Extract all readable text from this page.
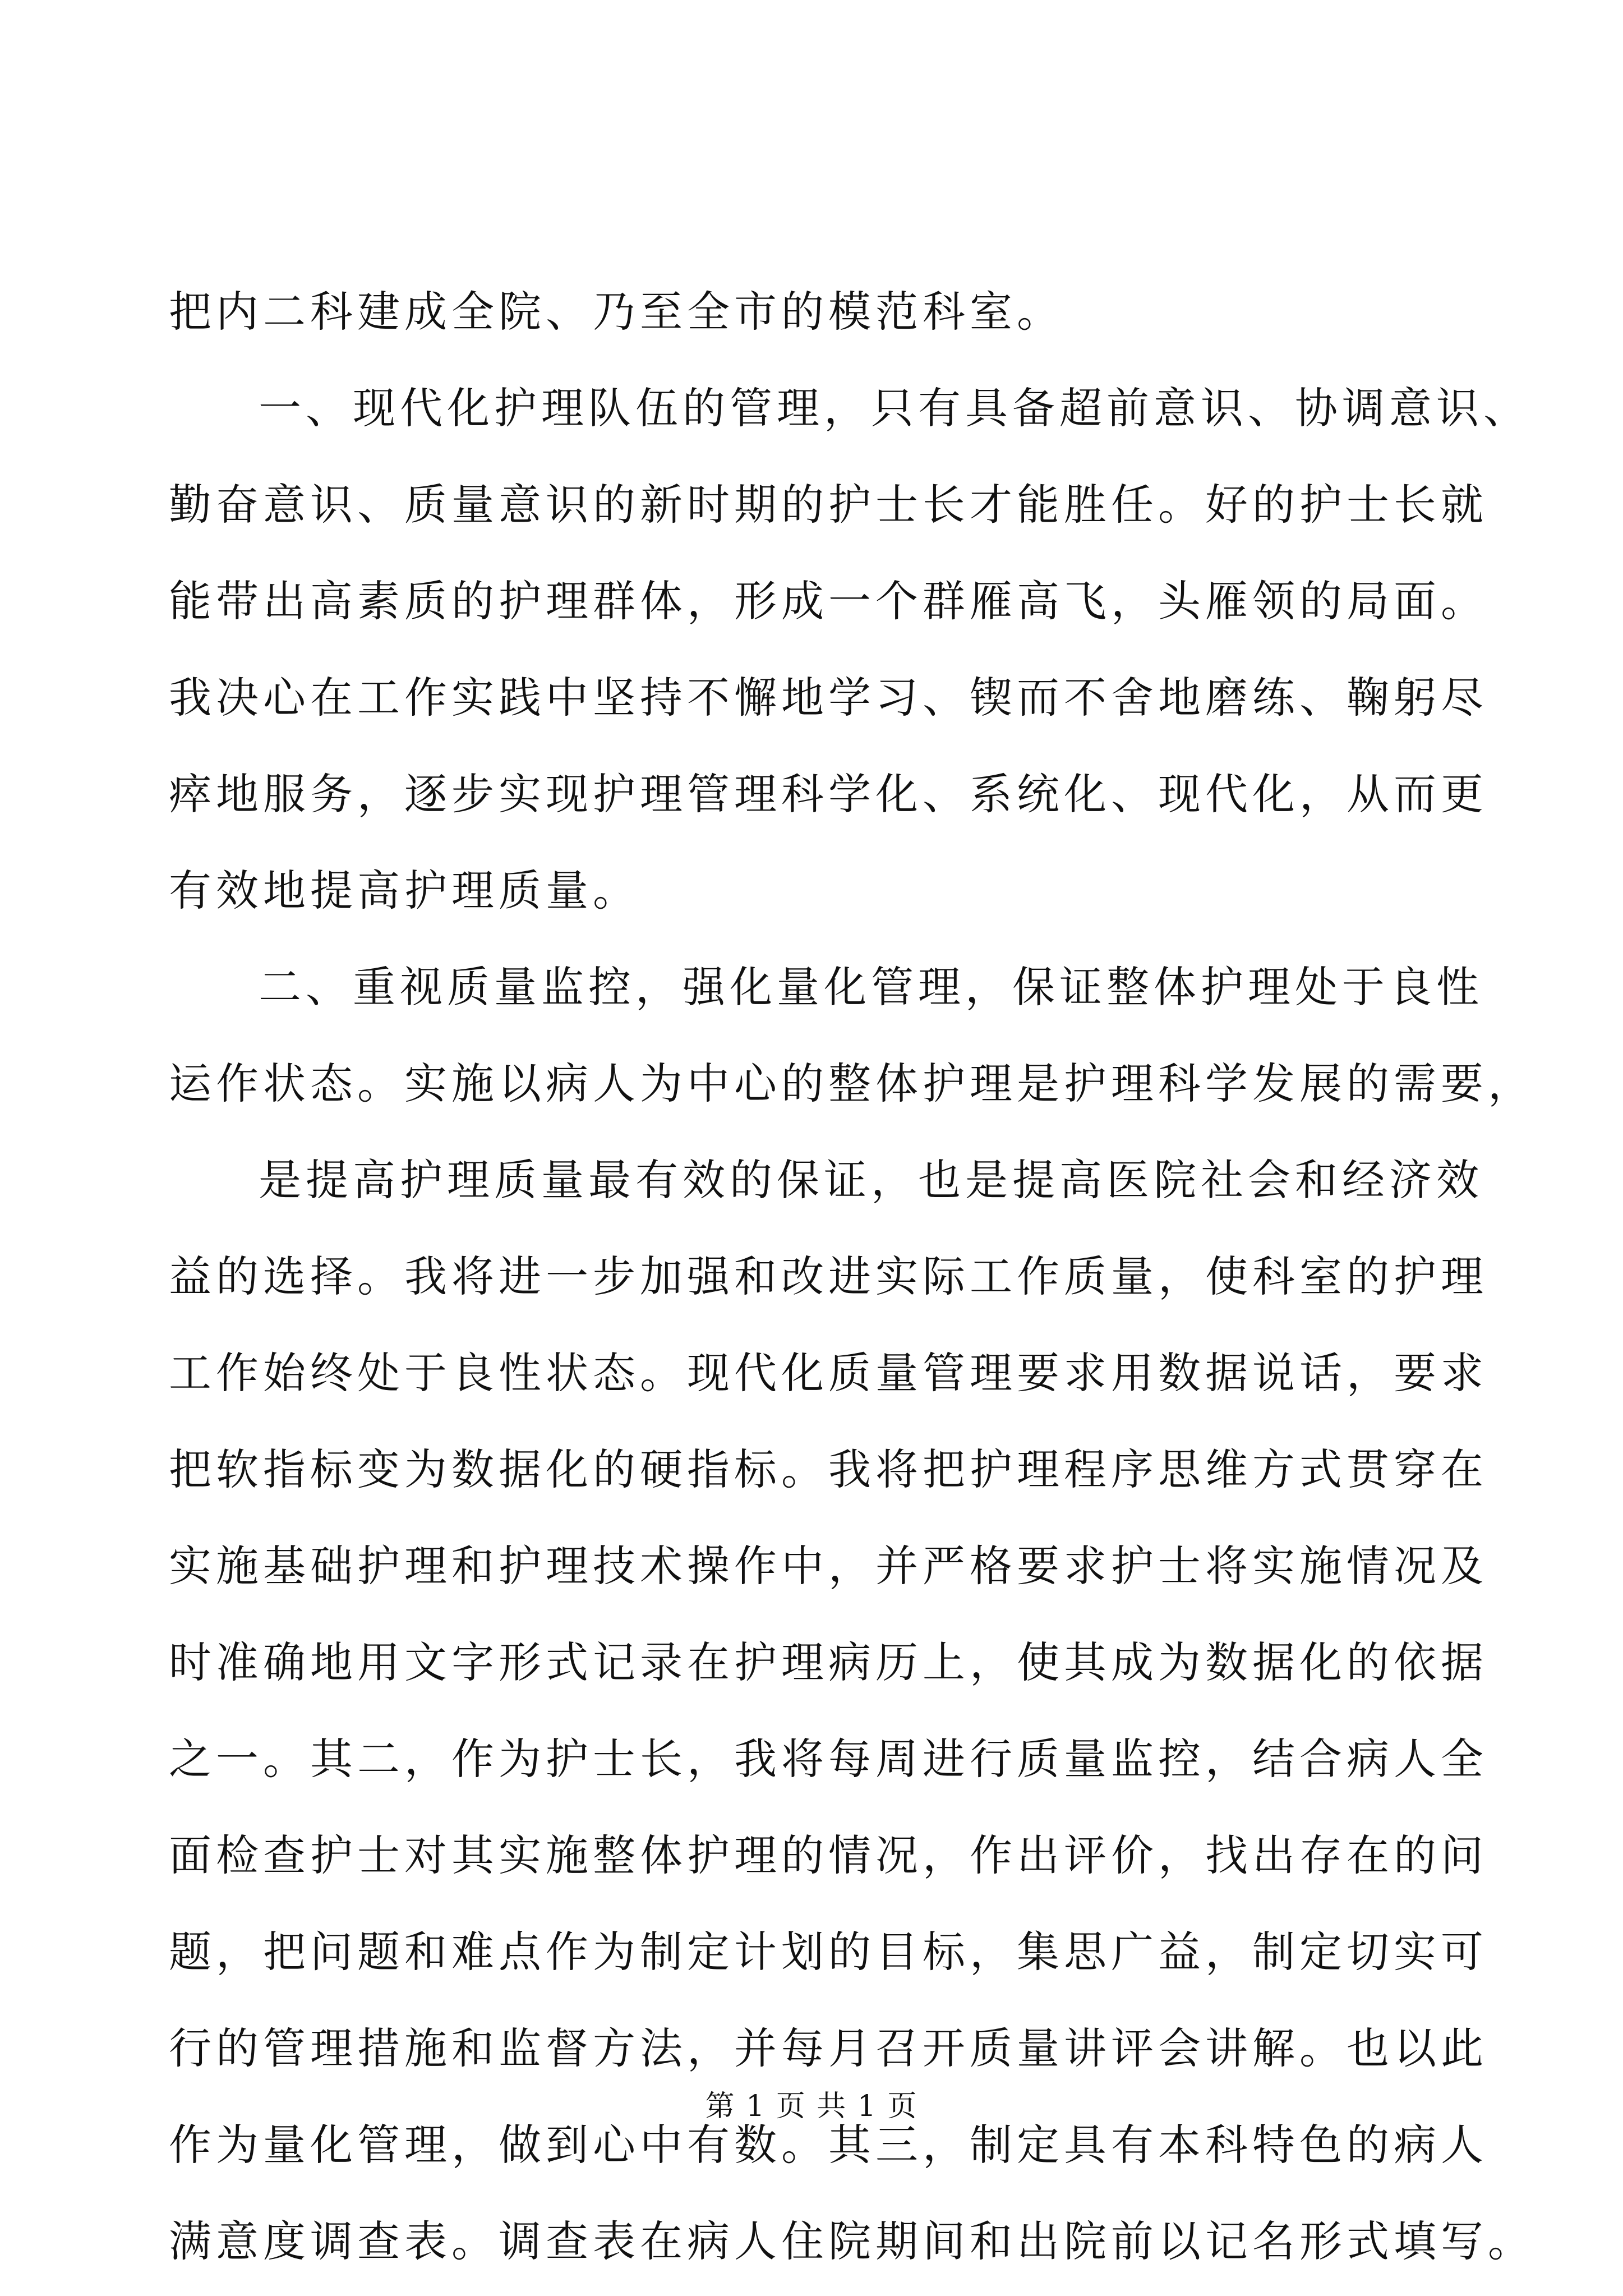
把内二科建成全院、乃至全市的模范科室。
一、现代化护理队伍的管理，只有具备超前意识、协调意识、
勤奋意识、质量意识的新时期的护士长才能胜任。好的护士长就
能带出高素质的护理群体，形成一个群雁高飞，头雁领的局面。
我决心在工作实践中坚持不懈地学习、锲而不舍地磨练、鞠躬尽
瘁地服务，逐步实现护理管理科学化、系统化、现代化，从而更
有效地提高护理质量。
二、重视质量监控，强化量化管理，保证整体护理处于良性
运作状态。实施以病人为中心的整体护理是护理科学发展的需要，
是提高护理质量最有效的保证，也是提高医院社会和经济效
益的选择。我将进一步加强和改进实际工作质量，使科室的护理
工作始终处于良性状态。现代化质量管理要求用数据说话，要求
把软指标变为数据化的硬指标。我将把护理程序思维方式贯穿在
实施基础护理和护理技术操作中，并严格要求护士将实施情况及
时准确地用文字形式记录在护理病历上，使其成为数据化的依据
之一。其二，作为护士长，我将每周进行质量监控，结合病人全
面检查护士对其实施整体护理的情况，作出评价，找出存在的问
题，把问题和难点作为制定计划的目标，集思广益，制定切实可
行的管理措施和监督方法，并每月召开质量讲评会讲解。也以此
作为量化管理，做到心中有数。其三，制定具有本科特色的病人
满意度调查表。调查表在病人住院期间和出院前以记名形式填写。
第 1 页 共 1 页
